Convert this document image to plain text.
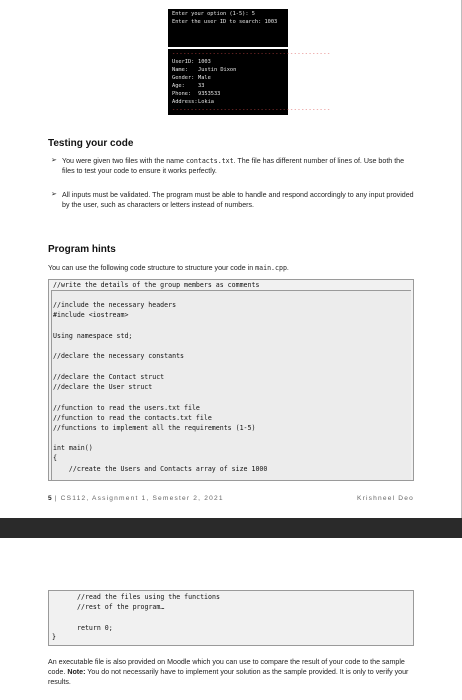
Enter your option (1-5): 5
Enter the user ID to search: 1003
-------------------------------------------
UserID: 1003
Name:	Justin Dixon
Gender: Male
Age:	33
Phone:	9353533
Address: Lokia
-------------------------------------------
Testing your code
➢ You were given two files with the name contacts.txt. The file has different number of lines of. Use both the files to test your code to ensure it works perfectly.
➢ All inputs must be validated. The program must be able to handle and respond accordingly to any input provided by the user, such as characters or letters instead of numbers.
Program hints
You can use the following code structure to structure your code in main.cpp.
//write the details of the group members as comments
//include the necessary headers
#include <iostream>
Using namespace std;
//declare the necessary constants
//declare the Contact struct
//declare the User struct
//function to read the users.txt file
//function to read the contacts.txt file
//functions to implement all the requirements (1-5)
int main()
{
//create the Users and Contacts array of size 1000
5 | CS112, Assignment 1, Semester 2, 2021	Krishneel Deo
//read the files using the functions
//rest of the program…
return 0;
}
An executable file is also provided on Moodle which you can use to compare the result of your code to the sample code. Note: You do not necessarily have to implement your solution as the sample provided. It is only to verify your results.
